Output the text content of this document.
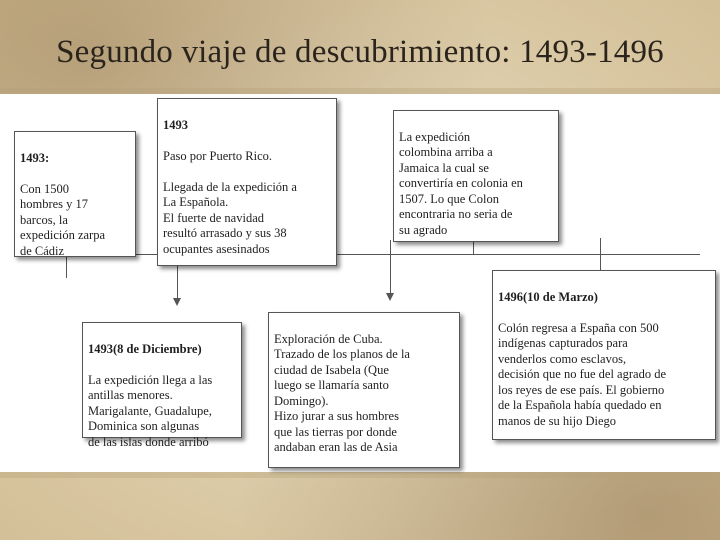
Segundo viaje de descubrimiento: 1493-1496

1493:

Con 1500
hombres y 17
barcos, la
expedición zarpa
de Cádiz

1493

Paso por Puerto Rico.

Llegada de la expedición a
La Española.
El fuerte de navidad
resultó arrasado y sus 38
ocupantes asesinados

La expedición
colombina arriba a
Jamaica la cual se
convertiría en colonia en
1507. Lo que Colon
encontraria no seria de
su agrado

1496(10 de Marzo)

Colón regresa a España con 500
indígenas capturados para
venderlos como esclavos,
decisión que no fue del agrado de
los reyes de ese país. El gobierno
de la Española había quedado en
manos de su hijo Diego

1493(8 de Diciembre)

La expedición llega a las
antillas menores.
Marigalante, Guadalupe,
Dominica son algunas
de las islas donde arribó

Exploración de Cuba.
Trazado de los planos de la
ciudad de Isabela (Que
luego se llamaría santo
Domingo).
Hizo jurar a sus hombres
que las tierras por donde
andaban eran las de Asia
